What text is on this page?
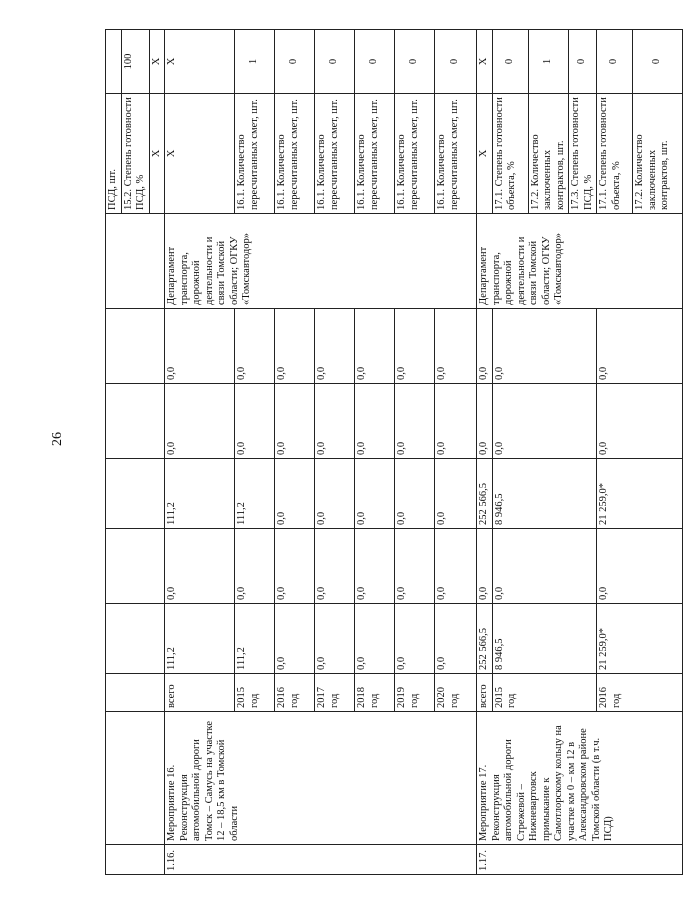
26
									ПСД, шт.	
									15.2. Степень готовности ПСД, %	100
									X	X
1.16.	Мероприятие 16. Реконструкция автомобильной дороги Томск – Самусь на участке 12 – 18,5 км в Томской области	всего	111,2	0,0	111,2	0,0	0,0	Департамент транспорта, дорожной деятельности и связи Томской области; ОГКУ «Томскавтодор»	X	X
		2015 год	111,2	0,0	111,2	0,0	0,0		16.1. Количество пересчитанных смет, шт.	1
		2016 год	0,0	0,0	0,0	0,0	0,0		16.1. Количество пересчитанных смет, шт.	0
		2017 год	0,0	0,0	0,0	0,0	0,0		16.1. Количество пересчитанных смет, шт.	0
		2018 год	0,0	0,0	0,0	0,0	0,0		16.1. Количество пересчитанных смет, шт.	0
		2019 год	0,0	0,0	0,0	0,0	0,0		16.1. Количество пересчитанных смет, шт.	0
		2020 год	0,0	0,0	0,0	0,0	0,0		16.1. Количество пересчитанных смет, шт.	0
1.17.	Мероприятие 17. Реконструкция автомобильной дороги Стрежевой – Нижневартовск примыкание к Самотлорскому кольцу на участке км 0 – км 12 в Александровском районе Томской области (в т.ч. ПСД)	всего	252 566,5	0,0	252 566,5	0,0	0,0	Департамент транспорта, дорожной деятельности и связи Томской области; ОГКУ «Томскавтодор»	X	X
		2015 год	8 946,5	0,0	8 946,5	0,0	0,0		17.1. Степень готовности объекта, %	0
									17.2. Количество заключенных контрактов, шт.	1
									17.3. Степень готовности ПСД, %	0
		2016 год	21 259,0*	0,0	21 259,0*	0,0	0,0		17.1. Степень готовности объекта, %	0
									17.2. Количество заключенных контрактов, шт.	0
